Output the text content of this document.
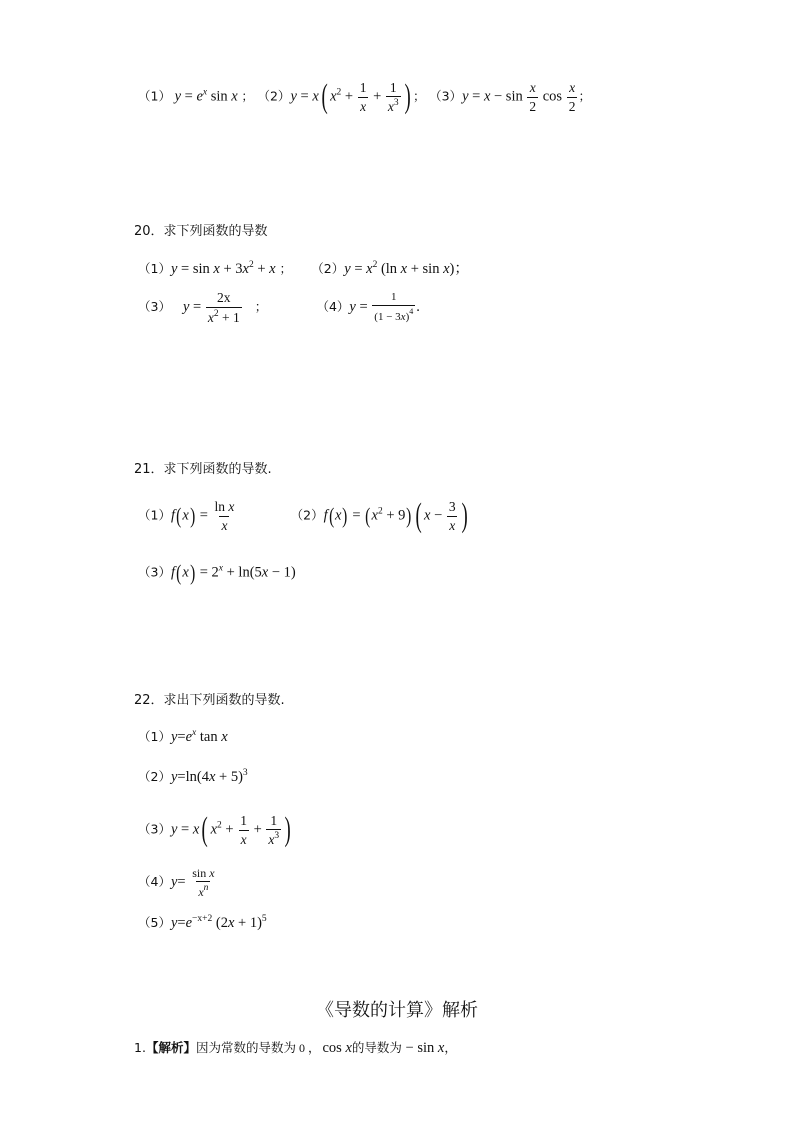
（1） $y = e^x$ sin x ； （2）y = x( $x^2 + \frac{1}{x} + \frac{1}{x^3}$ ) ； $(3)y = x - \sin \frac{x}{2}$ $\cos \frac{x}{2}$ ；
20．求下列函数的导数
$(1)y = \sin x + 3x^2 + x$ ； $(2)y = x^2$ (ln x + sin x)；
（3） $y = \frac{2x}{x^2 + 1}$ ；	$(4)y = \frac{1}{(1 - 3x)^4}$ .
21．求下列函数的导数.
$(1)f(x) = \frac{\text{ln x}}{x}$	$(2)f(x) = (x^2 + 9)$ ( $x - \frac{3}{x}$ )
$(3)f(x) = 2^x + \ln(5x - 1)$
22．求出下列函数的导数.
$(1)y=e^x$ tan x
$(2)y=\ln(4x + 5)^3$
（3）y = x( $x^2 + \frac{1}{x} + \frac{1}{x^3}$ )
$(4)y= \frac{\text{sin x}}{x^n}$
$(5)y=e^{-x+2}$ $(2x + 1)^5$
《导数的计算》解析
1.【解析】因为常数的导数为 0 ， cos x的导数为 − sin x，
